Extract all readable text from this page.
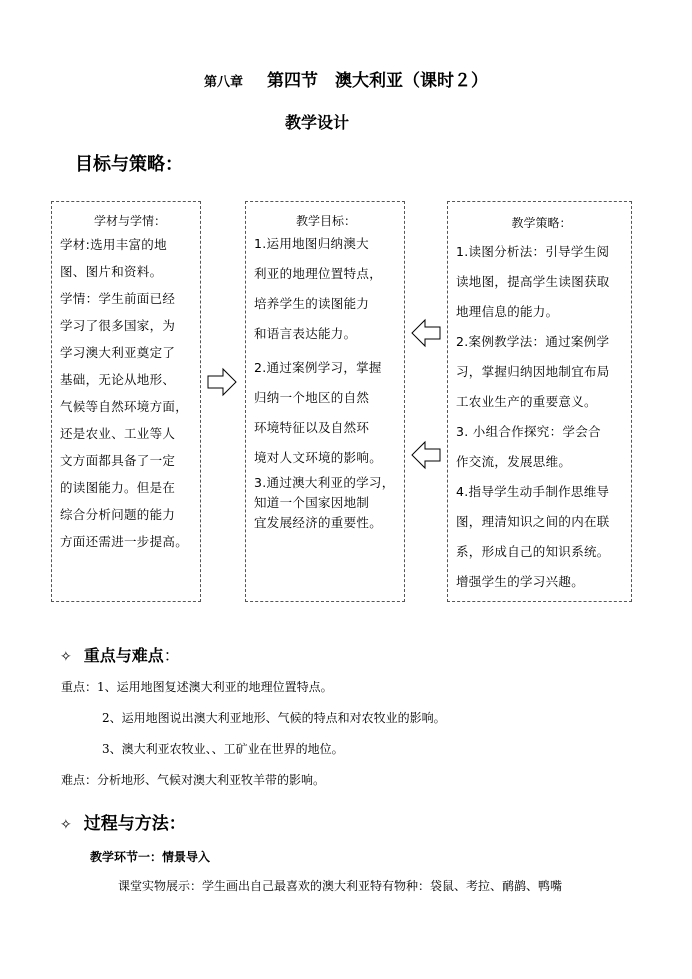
第八章 第四节　澳大利亚（课时２）
教学设计
目标与策略：
学材与学情：

学材:选用丰富的地

图、图片和资料。

学情：学生前面已经

学习了很多国家，为

学习澳大利亚奠定了

基础，无论从地形、

气候等自然环境方面，

还是农业、工业等人

文方面都具备了一定

的读图能力。但是在

综合分析问题的能力

方面还需进一步提高。

教学目标：

1.运用地图归纳澳大

利亚的地理位置特点，

培养学生的读图能力

和语言表达能力。

2.通过案例学习，掌握

归纳一个地区的自然

环境特征以及自然环

境对人文环境的影响。

3.通过澳大利亚的学习，

知道一个国家因地制

宜发展经济的重要性。

教学策略：

1.读图分析法：引导学生阅

读地图，提高学生读图获取

地理信息的能力。

2.案例教学法：通过案例学

习，掌握归纳因地制宜布局

工农业生产的重要意义。

3. 小组合作探究：学会合

作交流，发展思维。

4.指导学生动手制作思维导

图，理清知识之间的内在联

系，形成自己的知识系统。

增强学生的学习兴趣。

✧ 重点与难点：
重点：1、运用地图复述澳大利亚的地理位置特点。
2、运用地图说出澳大利亚地形、气候的特点和对农牧业的影响。
3、澳大利亚农牧业、、工矿业在世界的地位。
难点：分析地形、气候对澳大利亚牧羊带的影响。
✧ 过程与方法：
教学环节一：情景导入
课堂实物展示：学生画出自己最喜欢的澳大利亚特有物种：袋鼠、考拉、鸸鹋、鸭嘴
